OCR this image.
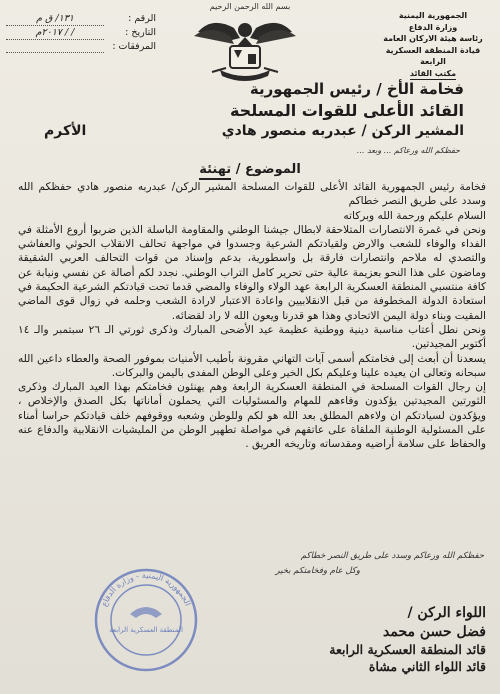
بسم الله الرحمن الرحيم
الجمهورية اليمنية
وزارة الدفاع
رئاسة هيئة الاركان العامة
قيادة المنطقة العسكرية الرابعة
مكتب القائد
الرقم :
١٣١/ ق م
التاريخ :
/ / ٢٠١٧م
المرفقات :
فخامة الأخ / رئيس الجمهورية
القائد الأعلى للقوات المسلحة
المشير الركن / عبدربه منصور هادي
الأكرم
حفظكم الله ورعاكم ... وبعد ...
الموضوع / تهنئة

فخامة رئيس الجمهورية القائد الأعلى للقوات المسلحة المشير الركن/ عبدربه منصور هادي حفظكم الله وسدد على طريق النصر خطاكم

السلام عليكم ورحمة الله وبركاته

ونحن في غمرة الانتصارات المتلاحقة لابطال جيشنا الوطني والمقاومة الباسلة الذين ضربوا أروع الأمثلة في الفداء والوفاء للشعب والارض ولقيادتكم الشرعية وجسدوا في مواجهة تحالف الانقلاب الحوثي والعفاشي والتصدي له ملاحم وانتصارات فارقة بل واسطورية، بدعم وإسناد من قوات التحالف العربي الشقيقة وماضون على هذا النحو بعزيمة عالية حتى تحرير كامل التراب الوطني. نجدد لكم أصالة عن نفسي ونيابة عن كافة منتسبي المنطقة العسكرية الرابعة عهد الولاء والوفاء والمضي قدما تحت قيادتكم الشرعية الحكيمة في استعادة الدولة المخطوفة من قبل الانقلابيين واعادة الاعتبار لارادة الشعب وحلمه في زوال قوى الماضي المقيت وبناء دولة اليمن الاتحادي وهذا هو قدرنا ويعون الله لا راد لقضائه.

ونحن نطل أعتاب مناسبة دينية ووطنية عظيمة عيد الأضحى المبارك وذكرى ثورتي الـ ٢٦ سبتمبر والـ ١٤ أكتوبر المجيدتين.

يسعدنا أن أبعث إلى فخامتكم أسمى آيات التهاني مقرونة بأطيب الأمنيات بموفور الصحة والعطاء داعين الله سبحانه وتعالى ان يعيده علينا وعليكم بكل الخير وعلى الوطن المفدى باليمن والبركات.

إن رجال القوات المسلحة في المنطقة العسكرية الرابعة وهم يهنئون فخامتكم بهذا العيد المبارك وذكرى الثورتين المجيدتين يؤكدون وفاءهم للمهام والمسئوليات التي يحملون أماناتها بكل الصدق والإخلاص ، ويؤكدون لسيادتكم ان ولاءهم المطلق بعد الله هو لكم وللوطن وشعبه ووقوفهم خلف قيادتكم حراسا أمناء على المسئولية الوطنية الملقاة على عاتقهم في مواصلة تطهير الوطن من المليشيات الانقلابية والدفاع عنه والحفاظ على سلامة أراضيه ومقدساته وتاريخه العريق .

حفظكم الله ورعاكم وسدد على طريق النصر خطاكم
وكل عام وفخامتكم بخير
الجمهورية اليمنية - وزارة الدفاع
المنطقة العسكرية الرابعة
اللواء الركن /
فضل حسن محمد
قائد المنطقة العسكرية الرابعة
قائد اللواء الثاني مشاة
